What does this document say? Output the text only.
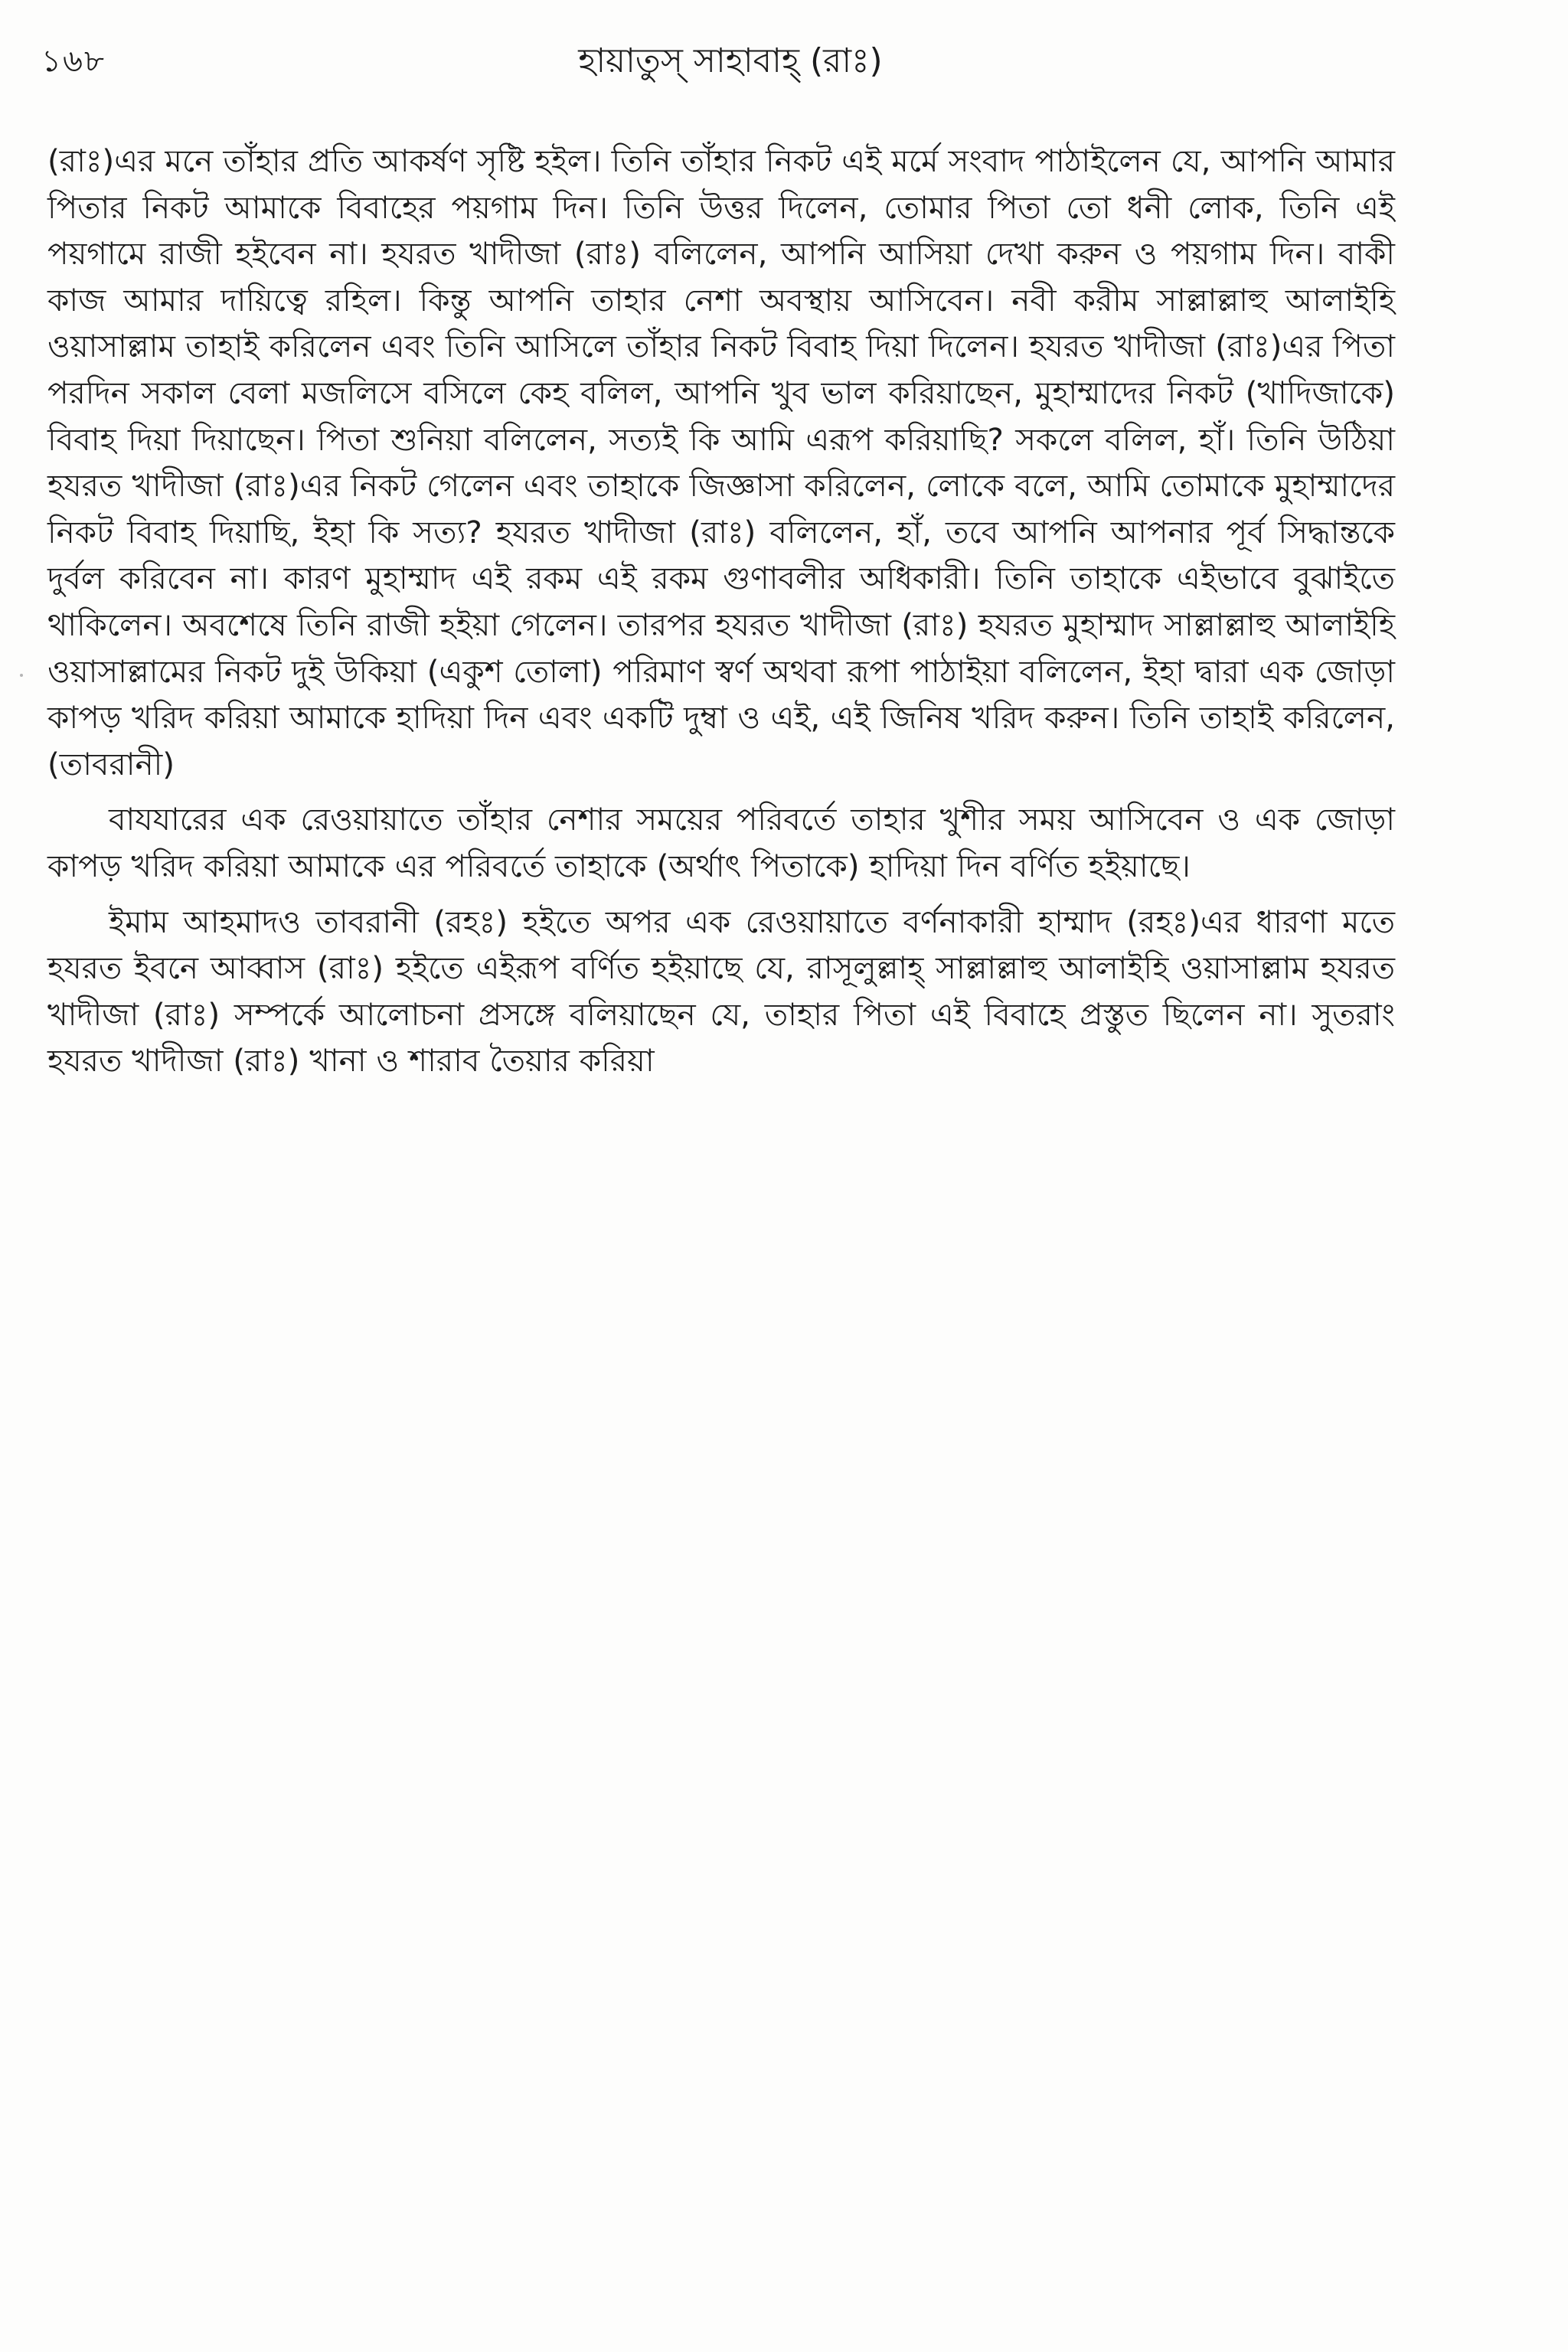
১৬৮	হায়াতুস্ সাহাবাহ্ (রাঃ)

(রাঃ)এর মনে তাঁহার প্রতি আকর্ষণ সৃষ্টি হইল। তিনি তাঁহার নিকট এই মর্মে সংবাদ পাঠাইলেন যে, আপনি আমার পিতার নিকট আমাকে বিবাহের পয়গাম দিন। তিনি উত্তর দিলেন, তোমার পিতা তো ধনী লোক, তিনি এই পয়গামে রাজী হইবেন না। হযরত খাদীজা (রাঃ) বলিলেন, আপনি আসিয়া দেখা করুন ও পয়গাম দিন। বাকী কাজ আমার দায়িত্বে রহিল। কিন্তু আপনি তাহার নেশা অবস্থায় আসিবেন। নবী করীম সাল্লাল্লাহু আলাইহি ওয়াসাল্লাম তাহাই করিলেন এবং তিনি আসিলে তাঁহার নিকট বিবাহ দিয়া দিলেন। হযরত খাদীজা (রাঃ)এর পিতা পরদিন সকাল বেলা মজলিসে বসিলে কেহ বলিল, আপনি খুব ভাল করিয়াছেন, মুহাম্মাদের নিকট (খাদিজাকে) বিবাহ দিয়া দিয়াছেন। পিতা শুনিয়া বলিলেন, সত্যই কি আমি এরূপ করিয়াছি? সকলে বলিল, হাঁ। তিনি উঠিয়া হযরত খাদীজা (রাঃ)এর নিকট গেলেন এবং তাহাকে জিজ্ঞাসা করিলেন, লোকে বলে, আমি তোমাকে মুহাম্মাদের নিকট বিবাহ দিয়াছি, ইহা কি সত্য? হযরত খাদীজা (রাঃ) বলিলেন, হাঁ, তবে আপনি আপনার পূর্ব সিদ্ধান্তকে দুর্বল করিবেন না। কারণ মুহাম্মাদ এই রকম এই রকম গুণাবলীর অধিকারী। তিনি তাহাকে এইভাবে বুঝাইতে থাকিলেন। অবশেষে তিনি রাজী হইয়া গেলেন। তারপর হযরত খাদীজা (রাঃ) হযরত মুহাম্মাদ সাল্লাল্লাহু আলাইহি ওয়াসাল্লামের নিকট দুই উকিয়া (একুশ তোলা) পরিমাণ স্বর্ণ অথবা রূপা পাঠাইয়া বলিলেন, ইহা দ্বারা এক জোড়া কাপড় খরিদ করিয়া আমাকে হাদিয়া দিন এবং একটি দুম্বা ও এই, এই জিনিষ খরিদ করুন। তিনি তাহাই করিলেন, (তাবরানী)

বাযযারের এক রেওয়ায়াতে তাঁহার নেশার সময়ের পরিবর্তে তাহার খুশীর সময় আসিবেন ও এক জোড়া কাপড় খরিদ করিয়া আমাকে এর পরিবর্তে তাহাকে (অর্থাৎ পিতাকে) হাদিয়া দিন বর্ণিত হইয়াছে।

ইমাম আহমাদও তাবরানী (রহঃ) হইতে অপর এক রেওয়ায়াতে বর্ণনাকারী হাম্মাদ (রহঃ)এর ধারণা মতে হযরত ইবনে আব্বাস (রাঃ) হইতে এইরূপ বর্ণিত হইয়াছে যে, রাসূলুল্লাহ্ সাল্লাল্লাহু আলাইহি ওয়াসাল্লাম হযরত খাদীজা (রাঃ) সম্পর্কে আলোচনা প্রসঙ্গে বলিয়াছেন যে, তাহার পিতা এই বিবাহে প্রস্তুত ছিলেন না। সুতরাং হযরত খাদীজা (রাঃ) খানা ও শারাব তৈয়ার করিয়া
